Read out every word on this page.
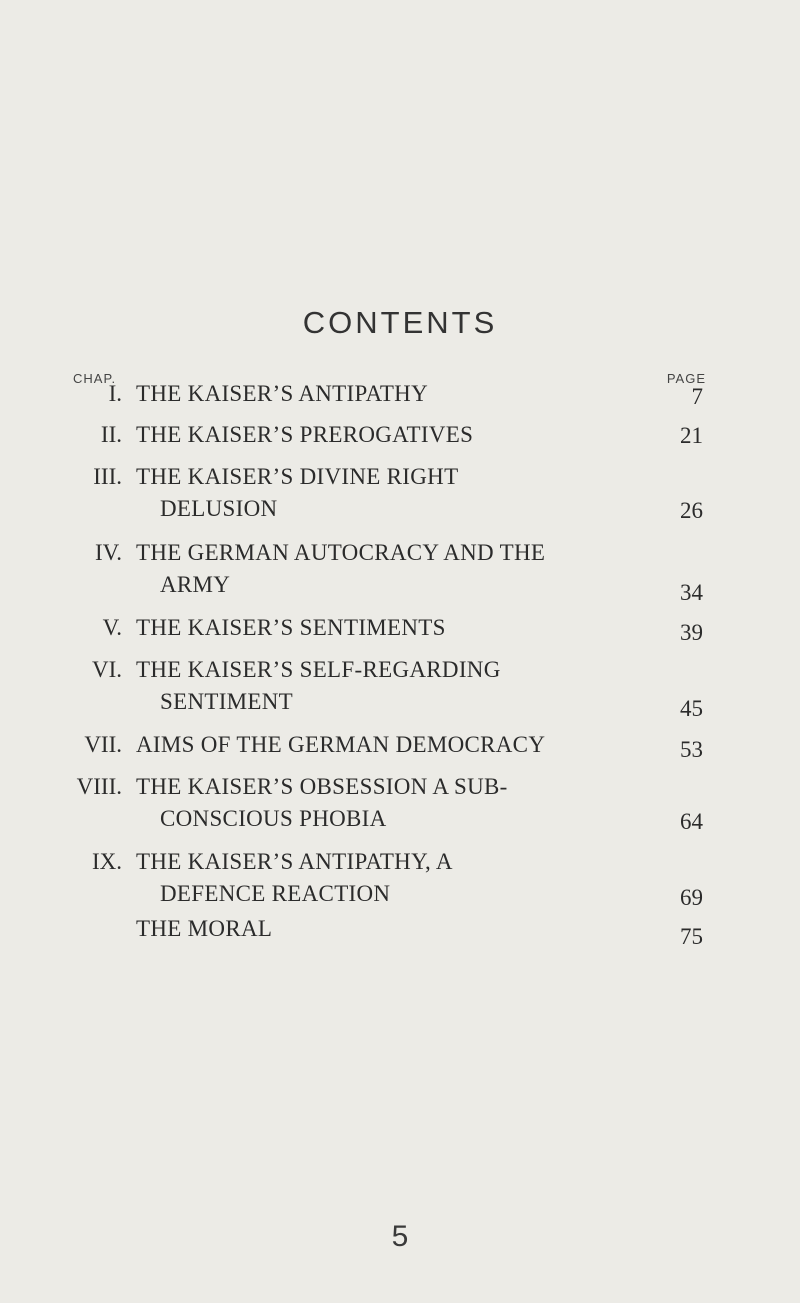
CONTENTS
CHAP.	PAGE
I. THE KAISER’S ANTIPATHY	7
II. THE KAISER’S PREROGATIVES	21
III. THE KAISER’S DIVINE RIGHT
DELUSION	26
IV. THE GERMAN AUTOCRACY AND THE
ARMY	34
V. THE KAISER’S SENTIMENTS	39
VI. THE KAISER’S SELF-REGARDING
SENTIMENT	45
VII. AIMS OF THE GERMAN DEMOCRACY	53
VIII. THE KAISER’S OBSESSION A SUB-
CONSCIOUS PHOBIA	64
IX. THE KAISER’S ANTIPATHY, A
DEFENCE REACTION	69
THE MORAL	75
5
